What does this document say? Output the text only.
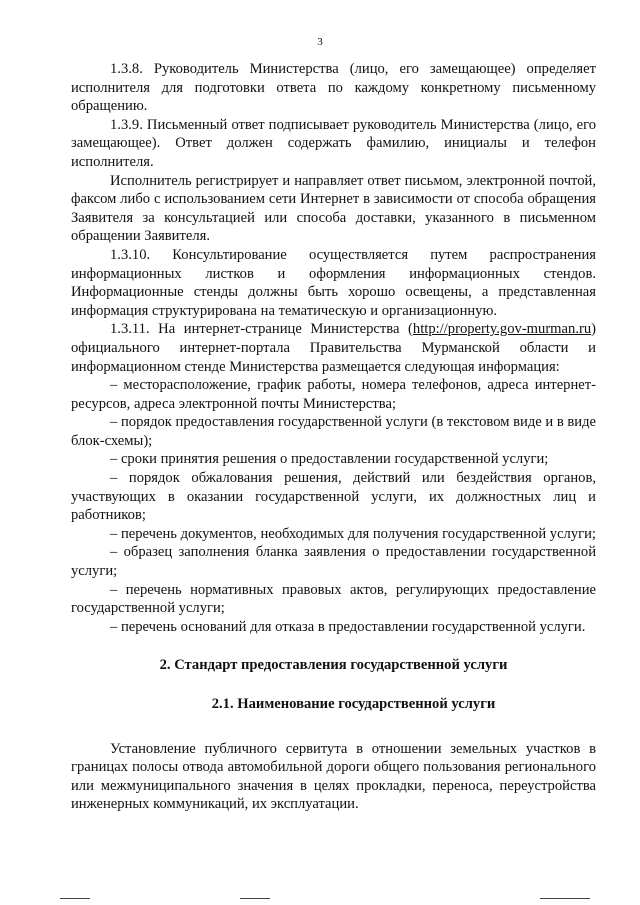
3

1.3.8. Руководитель Министерства (лицо, его замещающее) определяет исполнителя для подготовки ответа по каждому конкретному письменному обращению.

1.3.9. Письменный ответ подписывает руководитель Министерства (лицо, его замещающее). Ответ должен содержать фамилию, инициалы и телефон исполнителя.

Исполнитель регистрирует и направляет ответ письмом, электронной почтой, факсом либо с использованием сети Интернет в зависимости от способа обращения Заявителя за консультацией или способа доставки, указанного в письменном обращении Заявителя.

1.3.10. Консультирование осуществляется путем распространения информационных листков и оформления информационных стендов. Информационные стенды должны быть хорошо освещены, а представленная информация структурирована на тематическую и организационную.

1.3.11. На интернет-странице Министерства (http://property.gov-murman.ru) официального интернет-портала Правительства Мурманской области и информационном стенде Министерства размещается следующая информация:

– месторасположение, график работы, номера телефонов, адреса интернет-ресурсов, адреса электронной почты Министерства;

– порядок предоставления государственной услуги (в текстовом виде и в виде блок-схемы);

– сроки принятия решения о предоставлении государственной услуги;

– порядок обжалования решения, действий или бездействия органов, участвующих в оказании государственной услуги, их должностных лиц и работников;

– перечень документов, необходимых для получения государственной услуги;

– образец заполнения бланка заявления о предоставлении государственной услуги;

– перечень нормативных правовых актов, регулирующих предоставление государственной услуги;

– перечень оснований для отказа в предоставлении государственной услуги.

2. Стандарт предоставления государственной услуги
2.1. Наименование государственной услуги

Установление публичного сервитута в отношении земельных участков в границах полосы отвода автомобильной дороги общего пользования регионального или межмуниципального значения в целях прокладки, переноса, переустройства инженерных коммуникаций, их эксплуатации.
